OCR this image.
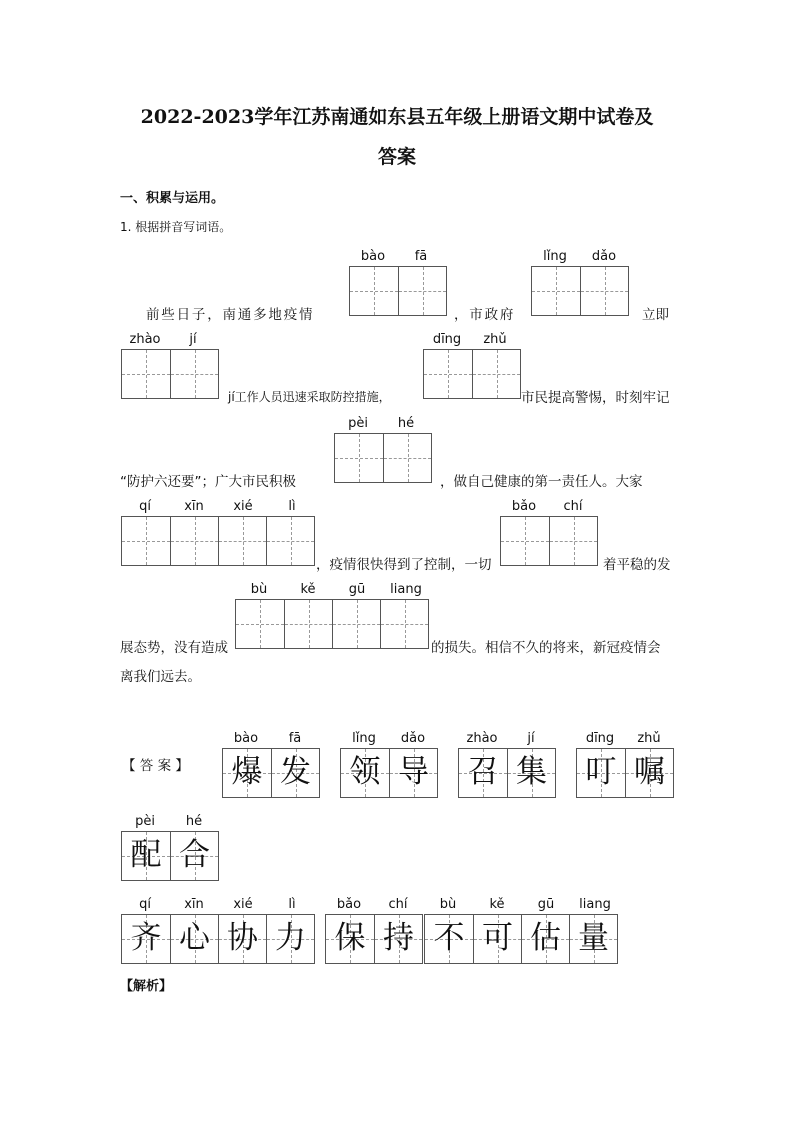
2022-2023学年江苏南通如东县五年级上册语文期中试卷及
答案
一、积累与运用。
1. 根据拼音写词语。
bào	fā	lǐng	dǎo
前些日子，南通多地疫情	，市政府	立即
zhào	jí	dīng	zhǔ
jí工作人员迅速采取防控措施，	市民提高警惕，时刻牢记
pèi	hé
“防护六还要”；广大市民积极	，做自己健康的第一责任人。大家
qí	xīn	xié	lì	bǎo	chí
，疫情很快得到了控制，一切	着平稳的发
bù	kě	gū	liang
展态势，没有造成	的损失。相信不久的将来，新冠疫情会
离我们远去。
【 答 案 】
bào	fā
爆 发
lǐng	dǎo
领 导
zhào	jí
召 集
dīng	zhǔ
叮 嘱
pèi	hé
配 合
qí	xīn	xié	lì
齐 心 协 力
bǎo	chí
保 持
bù	kě	gū	liang
不 可 估 量
【解析】
